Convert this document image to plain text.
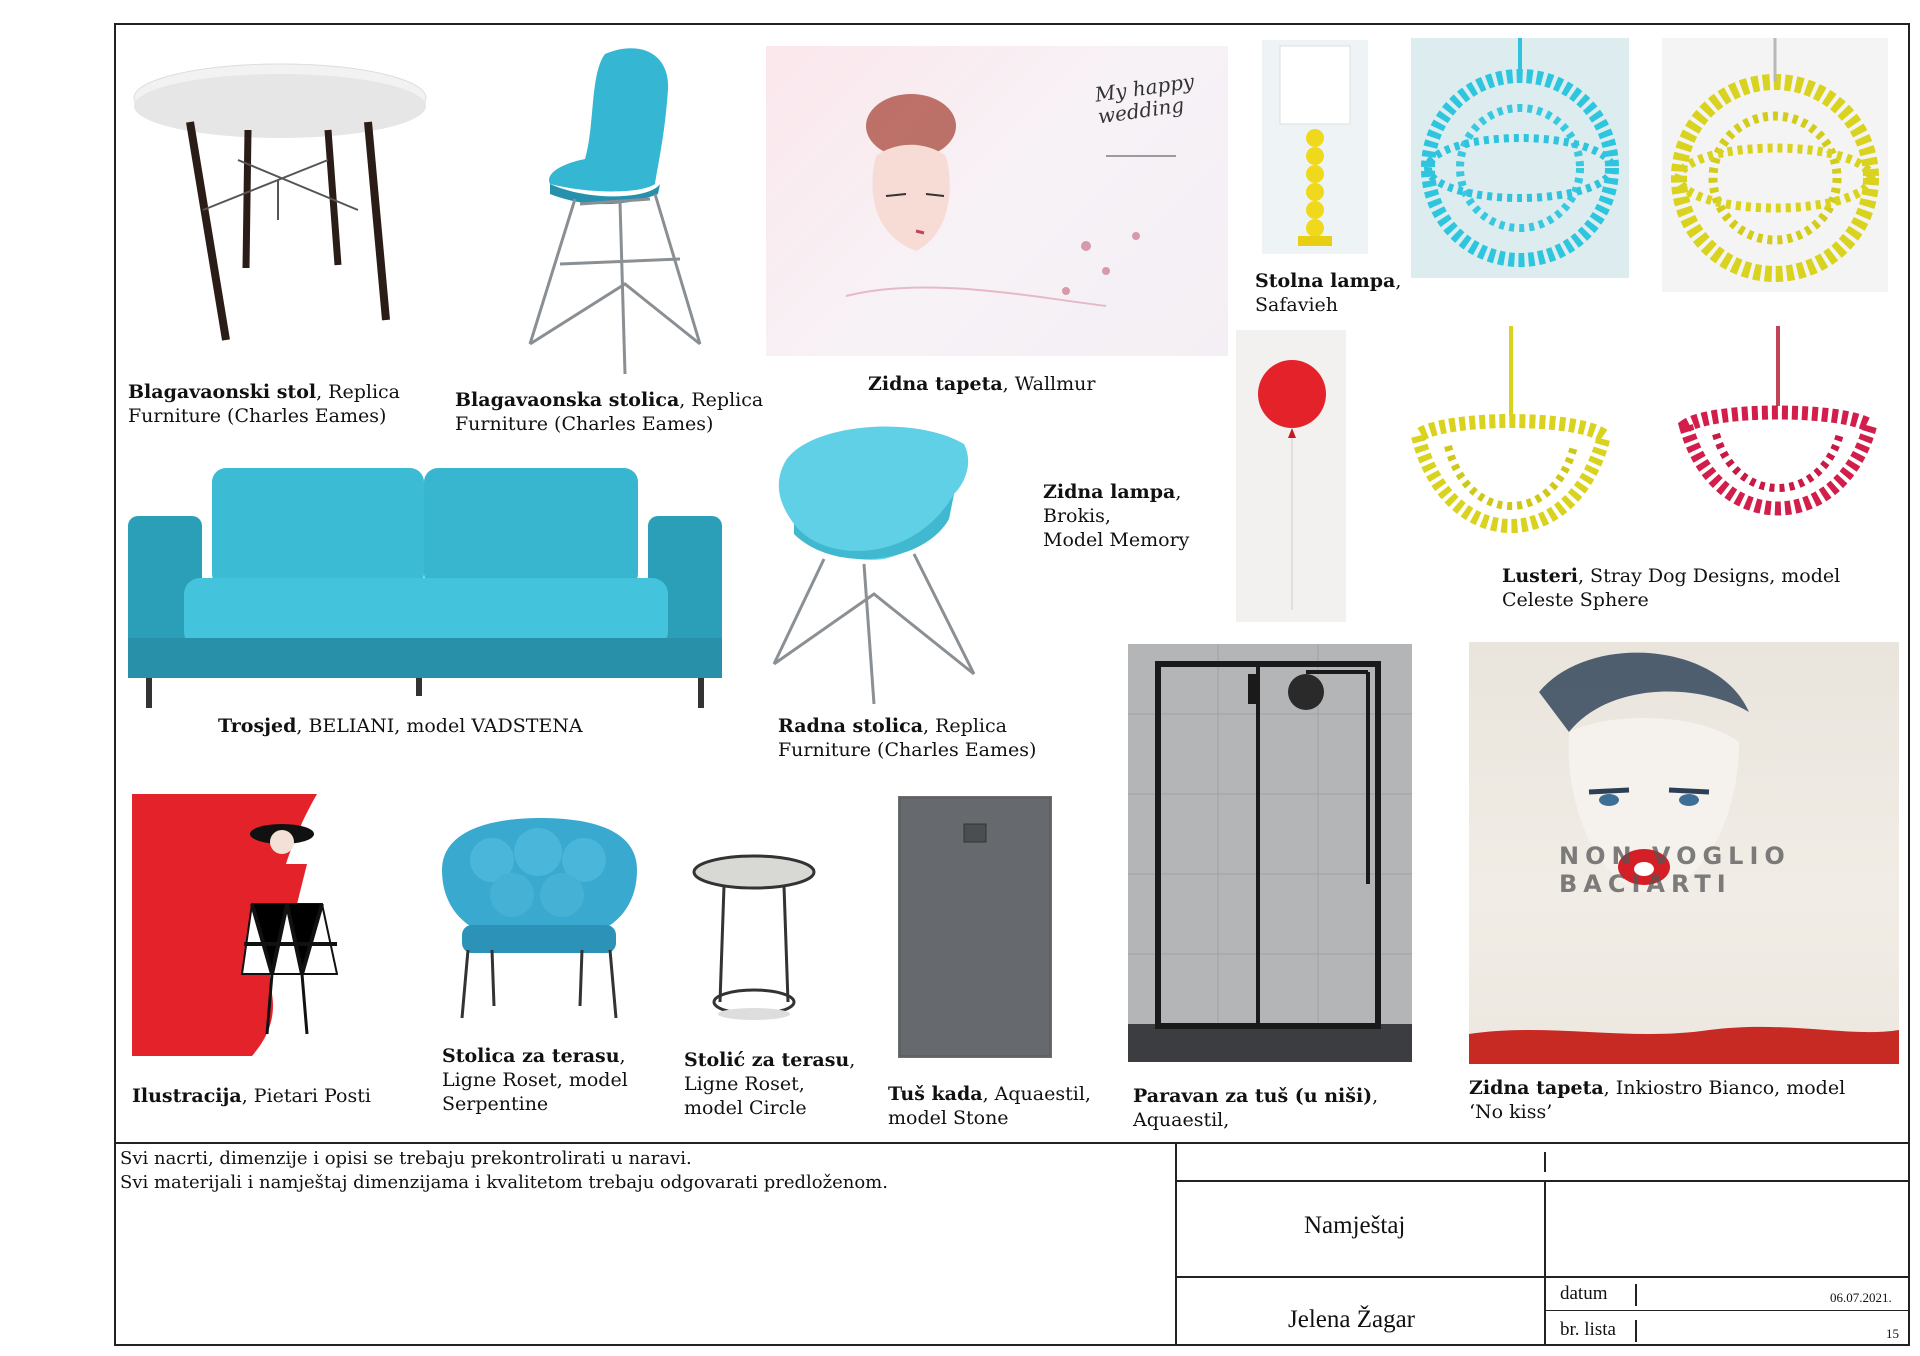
Blagavaonski stol, Replica
Furniture (Charles Eames)
Blagavaonska stolica, Replica
Furniture (Charles Eames)
My happy wedding
Zidna tapeta, Wallmur
Stolna lampa,
Safavieh
Zidna lampa,
Brokis,
Model Memory
Lusteri, Stray Dog Designs, model
Celeste Sphere
Trosjed, BELIANI, model VADSTENA	Radna stolica, Replica
Furniture (Charles Eames)
Ilustracija, Pietari Posti
Stolica za terasu,
Ligne Roset, model
Serpentine
Stolić za terasu,
Ligne Roset,
model Circle
Tuš kada, Aquaestil,
model Stone
Paravan za tuš (u niši),
Aquaestil,
NON VOGLIO BACIARTI
Zidna tapeta, Inkiostro Bianco, model
‘No kiss’
Svi nacrti, dimenzije i opisi se trebaju prekontrolirati u naravi.
Svi materijali i namještaj dimenzijama i kvalitetom trebaju odgovarati predloženom.
Namještaj
Jelena Žagar
datum	06.07.2021.
br. lista	15
